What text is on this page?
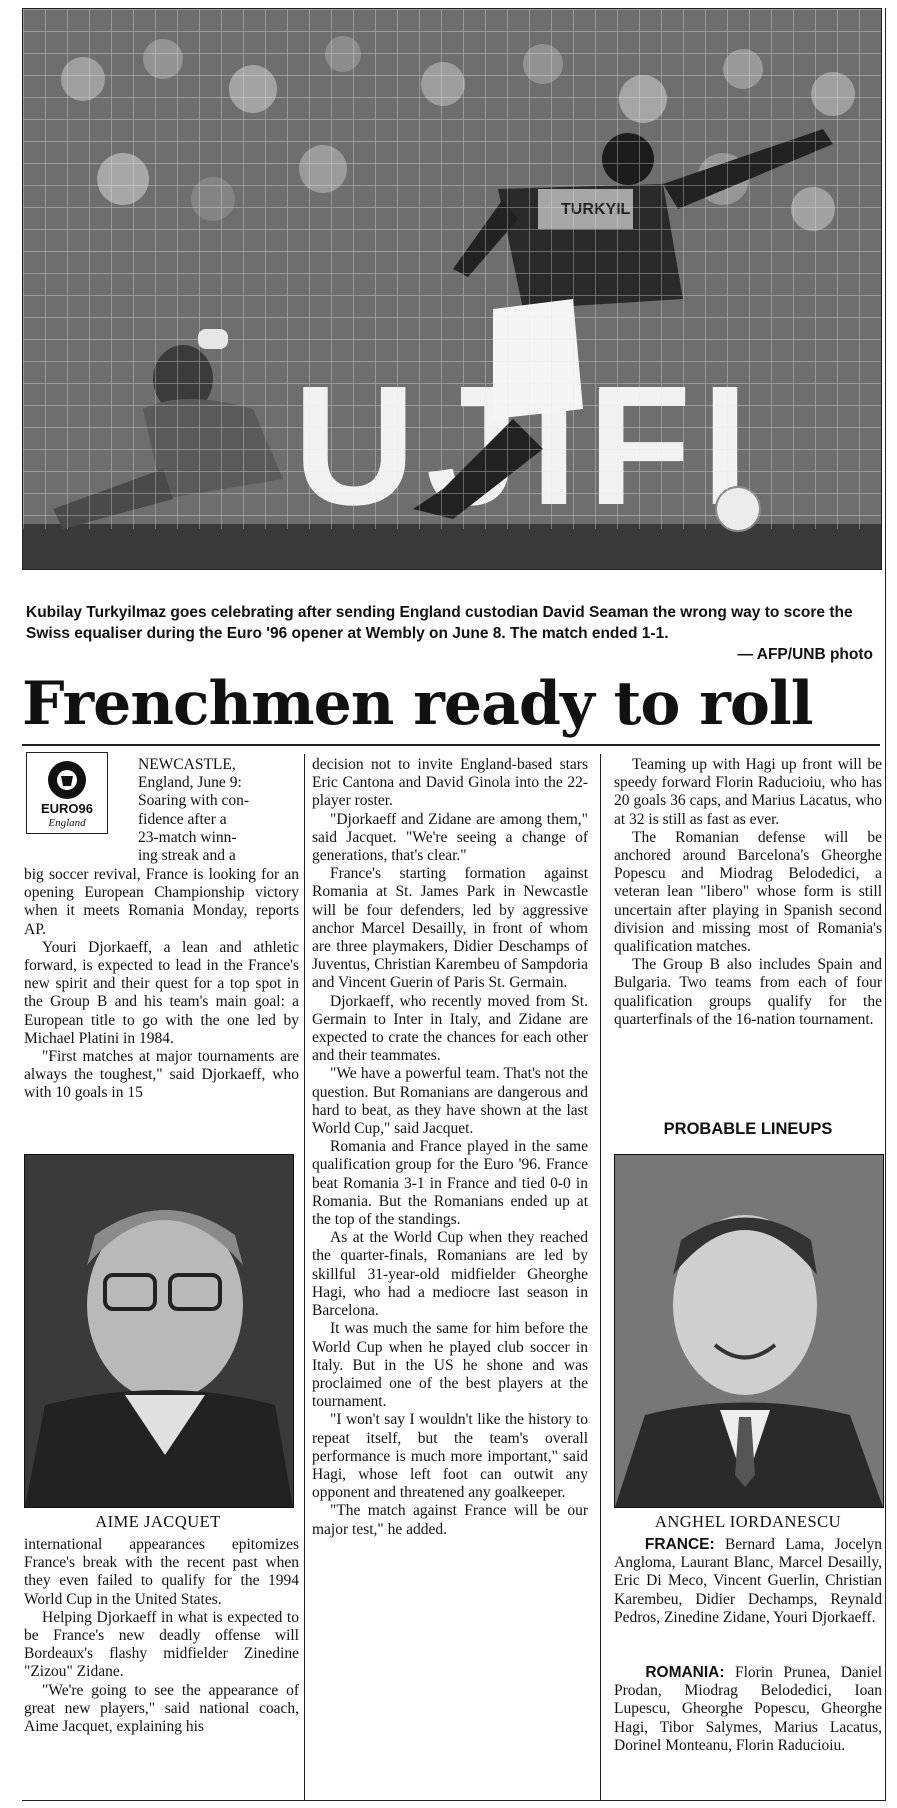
Kubilay Turkyilmaz goes celebrating after sending England custodian David Seaman the wrong way to score the Swiss equaliser during the Euro '96 opener at Wembly on June 8. The match ended 1-1.
— AFP/UNB photo
Frenchmen ready to roll
EURO96
England
NEWCASTLE,
England, June 9:
Soaring with con-
fidence after a
23-match winn-
ing streak and a

big soccer revival, France is looking for an opening European Championship victory when it meets Romania Monday, reports AP.

Youri Djorkaeff, a lean and athletic forward, is expected to lead in the France's new spirit and their quest for a top spot in the Group B and his team's main goal: a European title to go with the one led by Michael Platini in 1984.

"First matches at major tournaments are always the toughest," said Djorkaeff, who with 10 goals in 15

AIME JACQUET

international appearances epitomizes France's break with the recent past when they even failed to qualify for the 1994 World Cup in the United States.

Helping Djorkaeff in what is expected to be France's new deadly offense will Bordeaux's flashy midfielder Zinedine "Zizou" Zidane.

"We're going to see the appearance of great new players," said national coach, Aime Jacquet, explaining his

decision not to invite England-based stars Eric Cantona and David Ginola into the 22-player roster.

"Djorkaeff and Zidane are among them," said Jacquet. "We're seeing a change of generations, that's clear."

France's starting formation against Romania at St. James Park in Newcastle will be four defenders, led by aggressive anchor Marcel Desailly, in front of whom are three playmakers, Didier Deschamps of Juventus, Christian Karembeu of Sampdoria and Vincent Guerin of Paris St. Germain.

Djorkaeff, who recently moved from St. Germain to Inter in Italy, and Zidane are expected to crate the chances for each other and their teammates.

"We have a powerful team. That's not the question. But Romanians are dangerous and hard to beat, as they have shown at the last World Cup," said Jacquet.

Romania and France played in the same qualification group for the Euro '96. France beat Romania 3-1 in France and tied 0-0 in Romania. But the Romanians ended up at the top of the standings.

As at the World Cup when they reached the quarter-finals, Romanians are led by skillful 31-year-old midfielder Gheorghe Hagi, who had a mediocre last season in Barcelona.

It was much the same for him before the World Cup when he played club soccer in Italy. But in the US he shone and was proclaimed one of the best players at the tournament.

"I won't say I wouldn't like the history to repeat itself, but the team's overall performance is much more important," said Hagi, whose left foot can outwit any opponent and threatened any goalkeeper.

"The match against France will be our major test," he added.

Teaming up with Hagi up front will be speedy forward Florin Raducioiu, who has 20 goals 36 caps, and Marius Lacatus, who at 32 is still as fast as ever.

The Romanian defense will be anchored around Barcelona's Gheorghe Popescu and Miodrag Belodedici, a veteran lean "libero" whose form is still uncertain after playing in Spanish second division and missing most of Romania's qualification matches.

The Group B also includes Spain and Bulgaria. Two teams from each of four qualification groups qualify for the quarterfinals of the 16-nation tournament.

PROBABLE LINEUPS
ANGHEL IORDANESCU
FRANCE: Bernard Lama, Jocelyn Angloma, Laurant Blanc, Marcel Desailly, Eric Di Meco, Vincent Guerlin, Christian Karembeu, Didier Dechamps, Reynald Pedros, Zinedine Zidane, Youri Djorkaeff.
ROMANIA: Florin Prunea, Daniel Prodan, Miodrag Belodedici, Ioan Lupescu, Gheorghe Popescu, Gheorghe Hagi, Tibor Salymes, Marius Lacatus, Dorinel Monteanu, Florin Raducioiu.
